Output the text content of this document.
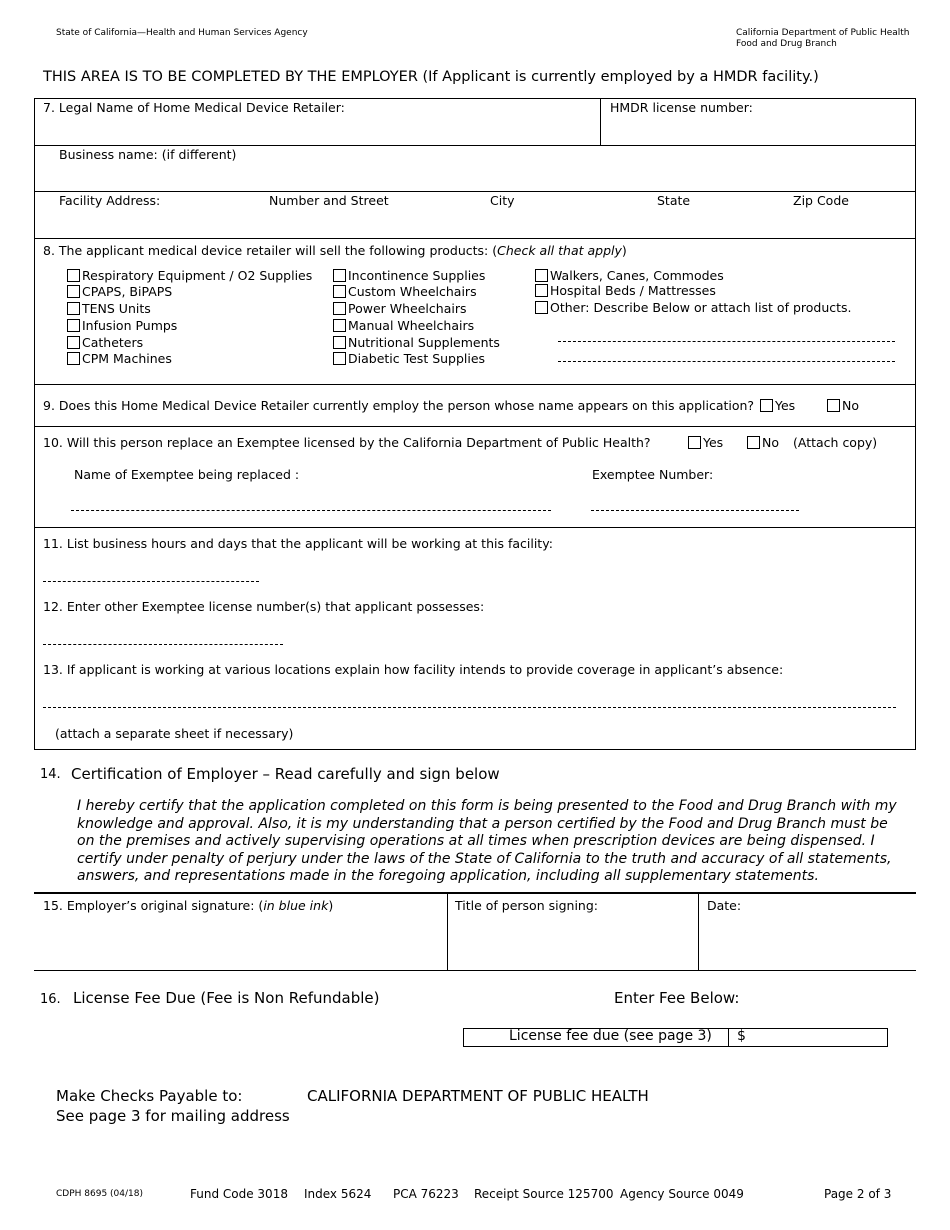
State of California—Health and Human Services Agency	California Department of Public Health
Food and Drug Branch
THIS AREA IS TO BE COMPLETED BY THE EMPLOYER (If Applicant is currently employed by a HMDR facility.)
7. Legal Name of Home Medical Device Retailer:	HMDR license number:
Business name: (if different)
Facility Address:	Number and Street	City	State	Zip Code
8. The applicant medical device retailer will sell the following products: (Check all that apply)
Respiratory Equipment / O2 Supplies
CPAPS, BiPAPS
TENS Units
Infusion Pumps
Catheters
CPM Machines
Incontinence Supplies
Custom Wheelchairs
Power Wheelchairs
Manual Wheelchairs
Nutritional Supplements
Diabetic Test Supplies
Walkers, Canes, Commodes
Hospital Beds / Mattresses
Other: Describe Below or attach list of products.
9. Does this Home Medical Device Retailer currently employ the person whose name appears on this application?	Yes	No
10. Will this person replace an Exemptee licensed by the California Department of Public Health?	Yes	No (Attach copy)
Name of Exemptee being replaced :	Exemptee Number:
11. List business hours and days that the applicant will be working at this facility:
12. Enter other Exemptee license number(s) that applicant possesses:
13. If applicant is working at various locations explain how facility intends to provide coverage in applicant’s absence:
(attach a separate sheet if necessary)
14. Certification of Employer – Read carefully and sign below
I hereby certify that the application completed on this form is being presented to the Food and Drug Branch with my
knowledge and approval. Also, it is my understanding that a person certified by the Food and Drug Branch must be
on the premises and actively supervising operations at all times when prescription devices are being dispensed. I
certify under penalty of perjury under the laws of the State of California to the truth and accuracy of all statements,
answers, and representations made in the foregoing application, including all supplementary statements.
15. Employer’s original signature: (in blue ink)	Title of person signing:	Date:
16. License Fee Due (Fee is Non Refundable)	Enter Fee Below:
License fee due (see page 3) $
Make Checks Payable to:	CALIFORNIA DEPARTMENT OF PUBLIC HEALTH
See page 3 for mailing address
CDPH 8695 (04/18)	Fund Code 3018 Index 5624 PCA 76223 Receipt Source 125700 Agency Source 0049	Page 2 of 3
